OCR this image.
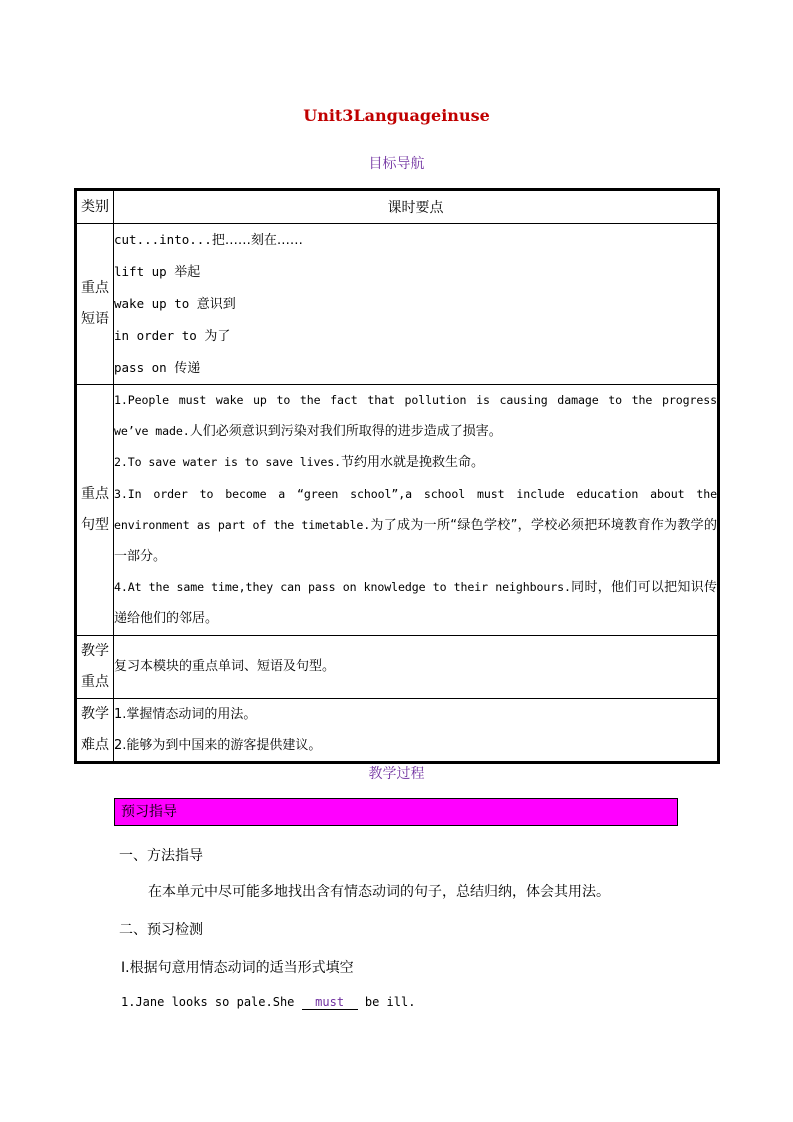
Unit3Languageinuse
目标导航
类别	课时要点
重点短语	cut...into...把……刻在……
lift up 举起
wake up to 意识到
in order to 为了
pass on 传递

重点句型	1.People must wake up to the fact that pollution is causing damage to the progress we’ve made.人们必须意识到污染对我们所取得的进步造成了损害。
2.To save water is to save lives.节约用水就是挽救生命。
3.In order to become a “green school”,a school must include education about the environment as part of the timetable.为了成为一所“绿色学校”，学校必须把环境教育作为教学的一部分。
4.At the same time,they can pass on knowledge to their neighbours.同时，他们可以把知识传递给他们的邻居。

教学重点	复习本模块的重点单词、短语及句型。

教学难点	1.掌握情态动词的用法。
2.能够为到中国来的游客提供建议。
教学过程
预习指导
一、方法指导
在本单元中尽可能多地找出含有情态动词的句子，总结归纳，体会其用法。
二、预习检测
Ⅰ.根据句意用情态动词的适当形式填空
1.Jane looks so pale.She must be ill.
